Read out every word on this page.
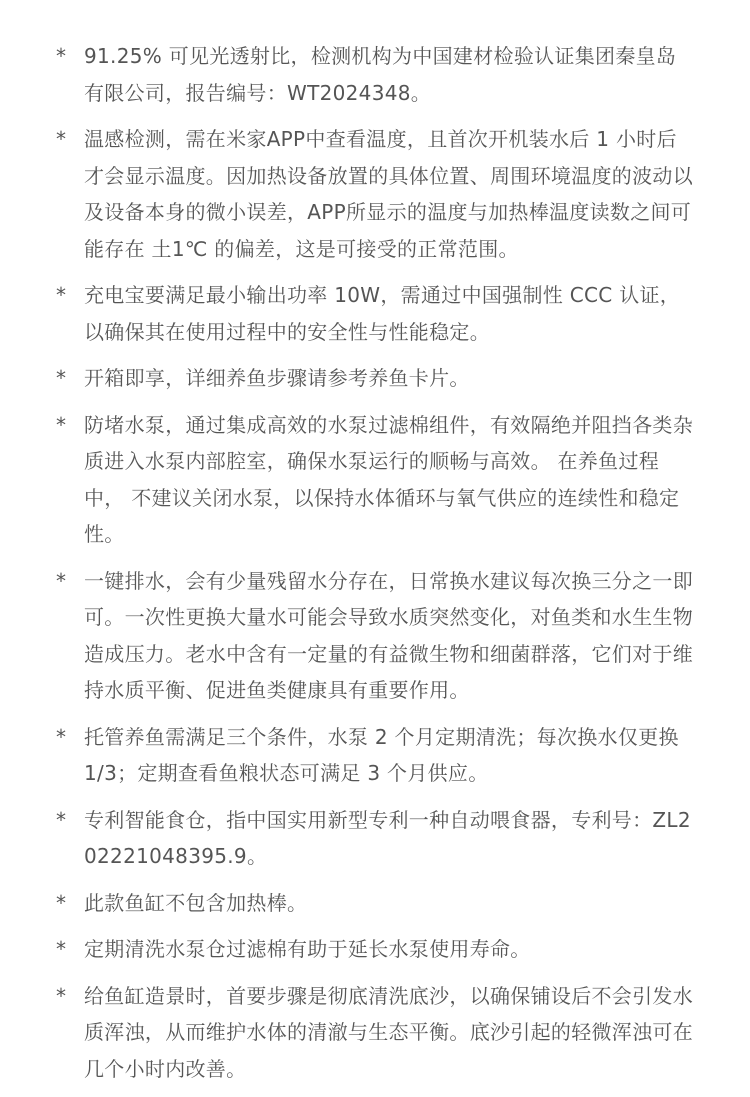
* 91.25% 可见光透射比，检测机构为中国建材检验认证集团秦皇岛有限公司，报告编号：WT2024348。
* 温感检测，需在米家APP中查看温度，且首次开机装水后 1 小时后才会显示温度。因加热设备放置的具体位置、周围环境温度的波动以及设备本身的微小误差，APP所显示的温度与加热棒温度读数之间可能存在 土1℃ 的偏差，这是可接受的正常范围。
* 充电宝要满足最小输出功率 10W，需通过中国强制性 CCC 认证，以确保其在使用过程中的安全性与性能稳定。
* 开箱即享，详细养鱼步骤请参考养鱼卡片。
* 防堵水泵，通过集成高效的水泵过滤棉组件，有效隔绝并阻挡各类杂质进入水泵内部腔室，确保水泵运行的顺畅与高效。 在养鱼过程中， 不建议关闭水泵，以保持水体循环与氧气供应的连续性和稳定性。
* 一键排水，会有少量残留水分存在，日常换水建议每次换三分之一即可。一次性更换大量水可能会导致水质突然变化，对鱼类和水生生物造成压力。老水中含有一定量的有益微生物和细菌群落，它们对于维持水质平衡、促进鱼类健康具有重要作用。
* 托管养鱼需满足三个条件，水泵 2 个月定期清洗；每次换水仅更换 1/3；定期查看鱼粮状态可满足 3 个月供应。
* 专利智能食仓，指中国实用新型专利一种自动喂食器，专利号：ZL202221048395.9。
* 此款鱼缸不包含加热棒。
* 定期清洗水泵仓过滤棉有助于延长水泵使用寿命。
* 给鱼缸造景时，首要步骤是彻底清洗底沙，以确保铺设后不会引发水质浑浊，从而维护水体的清澈与生态平衡。底沙引起的轻微浑浊可在几个小时内改善。
